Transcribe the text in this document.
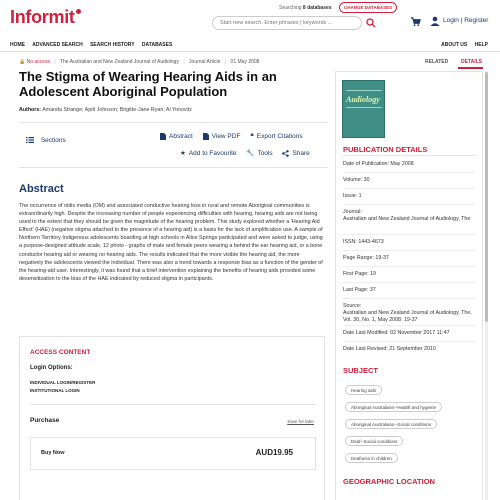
Informit	Searching 8 databases	CHANGE DATABASES
Start new search. Enter phrases | keywords ...
Login | Register
HOME ADVANCED SEARCH SEARCH HISTORY DATABASES	ABOUT US HELP
🔒 No access | The Australian and New Zealand Journal of Audiology | Journal Article | 01 May 2008
The Stigma of Wearing Hearing Aids in an Adolescent Aboriginal Population
Authors: Amanda Strange; April Johnson; Brigitte-Jane Ryan; Al Yonovitz
Sections
Abstract	View PDF ❝ Export Citations
★ Add to Favourite 🔧 Tools	Share
Abstract

The occurrence of otitis media (OM) and associated conductive hearing loss in rural and remote Aboriginal communities is extraordinarily high. Despite the increasing number of people experiencing difficulties with hearing, hearing aids are not being used to the extent that they should be given the magnitude of the hearing problem. This study explored whether a 'Hearing Aid Effect' (HAE) (negative stigma attached to the presence of a hearing aid) is a basis for the lack of amplification use. A sample of Northern Territory Indigenous adolescents boarding at high schools in Alice Springs participated and were asked to judge, using a purpose-designed attitude scale, 12 photo - graphs of male and female peers wearing a behind the ear hearing aid, or a bone conductor hearing aid or wearing no hearing aids. The results indicated that the more visible the hearing aid, the more negatively the adolescents viewed the individual. There was also a trend towards a response bias as a function of the gender of the hearing-aid user. Interestingly, it was found that a brief intervention explaining the benefits of hearing aids provided some desensitisation to the bias of the HAE indicated by reduced stigma in participants.

ACCESS CONTENT
Login Options:
INDIVIDUAL LOGIN/REGISTER
INSTITUTIONAL LOGIN
Purchase	Save for later
Buy Now	AUD19.95
RELATED	DETAILS
Audiology
PUBLICATION DETAILS
Date of Publication: May 2008
Volume: 30
Issue: 1
Journal:
Australian and New Zealand Journal of Audiology, The
ISSN: 1443-4673
Page Range: 19-37
First Page: 19
Last Page: 37
Source:
Australian and New Zealand Journal of Audiology, The, Vol. 30, No. 1, May 2008: 19-37
Date Last Modified: 02 November 2017 11:47
Date Last Revised: 21 September 2010
SUBJECT
Hearing aids
Aboriginal Australians--Health and hygiene
Aboriginal Australians--Social conditions
Deaf--Social conditions
Deafness in children
GEOGRAPHIC LOCATION
